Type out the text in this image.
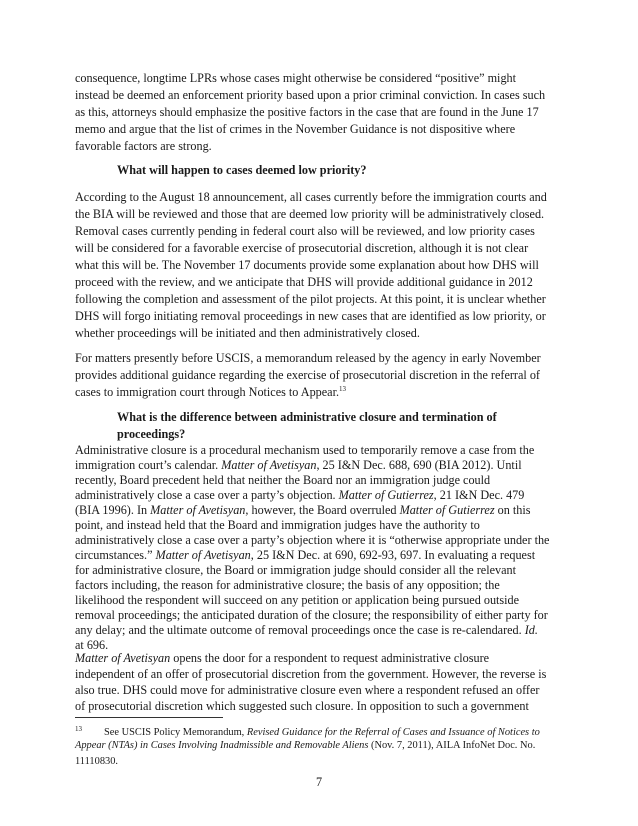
consequence, longtime LPRs whose cases might otherwise be considered “positive” might
instead be deemed an enforcement priority based upon a prior criminal conviction. In cases such
as this, attorneys should emphasize the positive factors in the case that are found in the June 17
memo and argue that the list of crimes in the November Guidance is not dispositive where
favorable factors are strong.
What will happen to cases deemed low priority?
According to the August 18 announcement, all cases currently before the immigration courts and
the BIA will be reviewed and those that are deemed low priority will be administratively closed.
Removal cases currently pending in federal court also will be reviewed, and low priority cases
will be considered for a favorable exercise of prosecutorial discretion, although it is not clear
what this will be. The November 17 documents provide some explanation about how DHS will
proceed with the review, and we anticipate that DHS will provide additional guidance in 2012
following the completion and assessment of the pilot projects. At this point, it is unclear whether
DHS will forgo initiating removal proceedings in new cases that are identified as low priority, or
whether proceedings will be initiated and then administratively closed.
For matters presently before USCIS, a memorandum released by the agency in early November
provides additional guidance regarding the exercise of prosecutorial discretion in the referral of
cases to immigration court through Notices to Appear.$^{13}$
What is the difference between administrative closure and termination of
proceedings?
Administrative closure is a procedural mechanism used to temporarily remove a case from the
immigration court’s calendar. Matter of Avetisyan, 25 I&N Dec. 688, 690 (BIA 2012). Until
recently, Board precedent held that neither the Board nor an immigration judge could
administratively close a case over a party’s objection. Matter of Gutierrez, 21 I&N Dec. 479
(BIA 1996). In Matter of Avetisyan, however, the Board overruled Matter of Gutierrez on this
point, and instead held that the Board and immigration judges have the authority to
administratively close a case over a party’s objection where it is “otherwise appropriate under the
circumstances.” Matter of Avetisyan, 25 I&N Dec. at 690, 692-93, 697. In evaluating a request
for administrative closure, the Board or immigration judge should consider all the relevant
factors including, the reason for administrative closure; the basis of any opposition; the
likelihood the respondent will succeed on any petition or application being pursued outside
removal proceedings; the anticipated duration of the closure; the responsibility of either party for
any delay; and the ultimate outcome of removal proceedings once the case is re-calendared. Id.
at 696.
$^{13}$ See USCIS Policy Memorandum, Revised Guidance for the Referral of Cases and Issuance of Notices to
Appear (NTAs) in Cases Involving Inadmissible and Removable Aliens (Nov. 7, 2011), AILA InfoNet Doc. No.
11110830.
7
Matter of Avetisyan opens the door for a respondent to request administrative closure
independent of an offer of prosecutorial discretion from the government. However, the reverse is
also true. DHS could move for administrative closure even where a respondent refused an offer
of prosecutorial discretion which suggested such closure. In opposition to such a government
